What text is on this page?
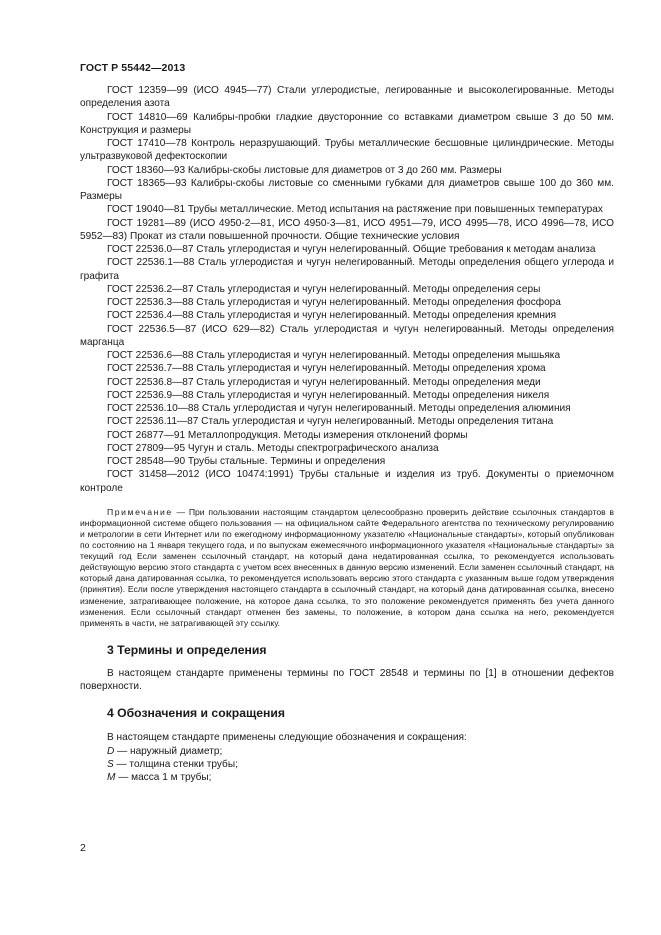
ГОСТ Р 55442—2013

ГОСТ 12359—99 (ИСО 4945—77) Стали углеродистые, легированные и высоколегированные. Методы определения азота

ГОСТ 14810—69 Калибры-пробки гладкие двусторонние со вставками диаметром свыше 3 до 50 мм. Конструкция и размеры

ГОСТ 17410—78 Контроль неразрушающий. Трубы металлические бесшовные цилиндрические. Методы ультразвуковой дефектоскопии

ГОСТ 18360—93 Калибры-скобы листовые для диаметров от 3 до 260 мм. Размеры

ГОСТ 18365—93 Калибры-скобы листовые со сменными губками для диаметров свыше 100 до 360 мм. Размеры

ГОСТ 19040—81 Трубы металлические. Метод испытания на растяжение при повышенных температурах

ГОСТ 19281—89 (ИСО 4950-2—81, ИСО 4950-3—81, ИСО 4951—79, ИСО 4995—78, ИСО 4996—78, ИСО 5952—83) Прокат из стали повышенной прочности. Общие технические условия

ГОСТ 22536.0—87 Сталь углеродистая и чугун нелегированный. Общие требования к методам анализа

ГОСТ 22536.1—88 Сталь углеродистая и чугун нелегированный. Методы определения общего углерода и графита

ГОСТ 22536.2—87 Сталь углеродистая и чугун нелегированный. Методы определения серы

ГОСТ 22536.3—88 Сталь углеродистая и чугун нелегированный. Методы определения фосфора

ГОСТ 22536.4—88 Сталь углеродистая и чугун нелегированный. Методы определения кремния

ГОСТ 22536.5—87 (ИСО 629—82) Сталь углеродистая и чугун нелегированный. Методы определения марганца

ГОСТ 22536.6—88 Сталь углеродистая и чугун нелегированный. Методы определения мышьяка

ГОСТ 22536.7—88 Сталь углеродистая и чугун нелегированный. Методы определения хрома

ГОСТ 22536.8—87 Сталь углеродистая и чугун нелегированный. Методы определения меди

ГОСТ 22536.9—88 Сталь углеродистая и чугун нелегированный. Методы определения никеля

ГОСТ 22536.10—88 Сталь углеродистая и чугун нелегированный. Методы определения алюминия

ГОСТ 22536.11—87 Сталь углеродистая и чугун нелегированный. Методы определения титана

ГОСТ 26877—91 Металлопродукция. Методы измерения отклонений формы

ГОСТ 27809—95 Чугун и сталь. Методы спектрографического анализа

ГОСТ 28548—90 Трубы стальные. Термины и определения

ГОСТ 31458—2012 (ИСО 10474:1991) Трубы стальные и изделия из труб. Документы о приемочном контроле

Примечание — При пользовании настоящим стандартом целесообразно проверить действие ссылочных стандартов в информационной системе общего пользования — на официальном сайте Федерального агентства по техническому регулированию и метрологии в сети Интернет или по ежегодному информационному указателю «Национальные стандарты», который опубликован по состоянию на 1 января текущего года, и по выпускам ежемесячного информационного указателя «Национальные стандарты» за текущий год Если заменен ссылочный стандарт, на который дана недатированная ссылка, то рекомендуется использовать действующую версию этого стандарта с учетом всех внесенных в данную версию изменений. Если заменен ссылочный стандарт, на который дана датированная ссылка, то рекомендуется использовать версию этого стандарта с указанным выше годом утверждения (принятия). Если после утверждения настоящего стандарта в ссылочный стандарт, на который дана датированная ссылка, внесено изменение, затрагивающее положение, на которое дана ссылка, то это положение рекомендуется применять без учета данного изменения. Если ссылочный стандарт отменен без замены, то положение, в котором дана ссылка на него, рекомендуется применять в части, не затрагивающей эту ссылку.

3 Термины и определения

В настоящем стандарте применены термины по ГОСТ 28548 и термины по [1] в отношении дефектов поверхности.

4 Обозначения и сокращения

В настоящем стандарте применены следующие обозначения и сокращения:

D — наружный диаметр;

S — толщина стенки трубы;

M — масса 1 м трубы;

2
